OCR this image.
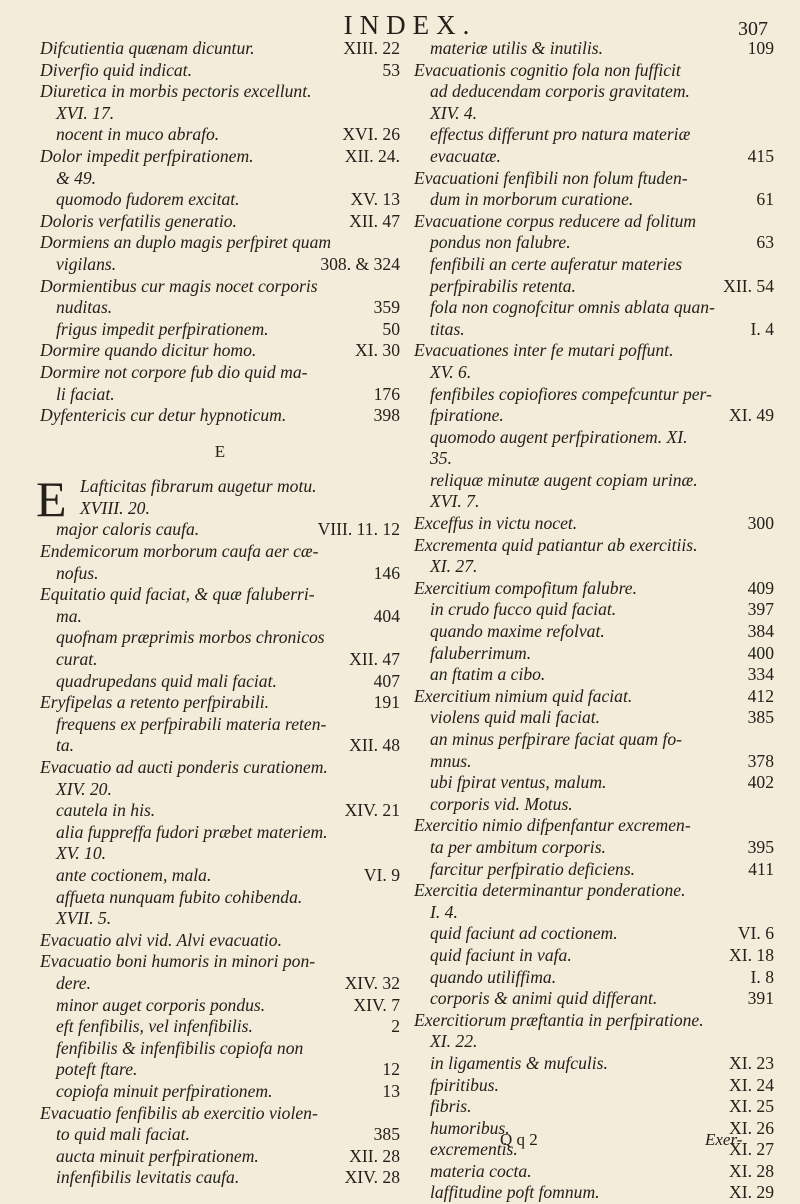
INDEX.	307
Difcutientia quænam dicuntur.	XIII. 22
Diverfio quid indicat.	53
Diuretica in morbis pectoris excellunt.
XVI. 17.
nocent in muco abrafo.	XVI. 26
Dolor impedit perfpirationem.	XII. 24.
& 49.
quomodo fudorem excitat.	XV. 13
Doloris verfatilis generatio.	XII. 47
Dormiens an duplo magis perfpiret quam
vigilans.	308. & 324
Dormientibus cur magis nocet corporis
nuditas.	359
frigus impedit perfpirationem.	50
Dormire quando dicitur homo.	XI. 30
Dormire not corpore fub dio quid ma-
li faciat.	176
Dyfentericis cur detur hypnoticum.	398
E
Lafticitas fibrarum augetur motu.
E XVIII. 20.
major caloris caufa.	VIII. 11. 12
Endemicorum morborum caufa aer cæ-
nofus.	146
Equitatio quid faciat, & quæ faluberri-
ma.	404
quofnam præprimis morbos chronicos
curat.	XII. 47
quadrupedans quid mali faciat.	407
Eryfipelas a retento perfpirabili.	191
frequens ex perfpirabili materia reten-
ta.	XII. 48
Evacuatio ad aucti ponderis curationem.
XIV. 20.
cautela in his.	XIV. 21
alia fuppreffa fudori præbet materiem.
XV. 10.
ante coctionem, mala.	VI. 9
affueta nunquam fubito cohibenda.
XVII. 5.
Evacuatio alvi vid. Alvi evacuatio.
Evacuatio boni humoris in minori pon-
dere.	XIV. 32
minor auget corporis pondus.	XIV. 7
eft fenfibilis, vel infenfibilis.	2
fenfibilis & infenfibilis copiofa non
poteft ftare.	12
copiofa minuit perfpirationem.	13
Evacuatio fenfibilis ab exercitio violen-
to quid mali faciat.	385
aucta minuit perfpirationem.	XII. 28
infenfibilis levitatis caufa.	XIV. 28
materiæ utilis & inutilis.	109
Evacuationis cognitio fola non fufficit
ad deducendam corporis gravitatem.
XIV. 4.
effectus differunt pro natura materiæ
evacuatæ.	415
Evacuationi fenfibili non folum ftuden-
dum in morborum curatione.	61
Evacuatione corpus reducere ad folitum
pondus non falubre.	63
fenfibili an certe auferatur materies
perfpirabilis retenta.	XII. 54
fola non cognofcitur omnis ablata quan-
titas.	I. 4
Evacuationes inter fe mutari poffunt.
XV. 6.
fenfibiles copiofiores compefcuntur per-
fpiratione.	XI. 49
quomodo augent perfpirationem. XI.
35.
reliquæ minutæ augent copiam urinæ.
XVI. 7.
Exceffus in victu nocet.	300
Excrementa quid patiantur ab exercitiis.
XI. 27.
Exercitium compofitum falubre.	409
in crudo fucco quid faciat.	397
quando maxime refolvat.	384
faluberrimum.	400
an ftatim a cibo.	334
Exercitium nimium quid faciat.	412
violens quid mali faciat.	385
an minus perfpirare faciat quam fo-
mnus.	378
ubi fpirat ventus, malum.	402
corporis vid. Motus.
Exercitio nimio difpenfantur excremen-
ta per ambitum corporis.	395
farcitur perfpiratio deficiens.	411
Exercitia determinantur ponderatione.
I. 4.
quid faciunt ad coctionem.	VI. 6
quid faciunt in vafa.	XI. 18
quando utiliffima.	I. 8
corporis & animi quid differant.	391
Exercitiorum præftantia in perfpiratione.
XI. 22.
in ligamentis & mufculis.	XI. 23
fpiritibus.	XI. 24
fibris.	XI. 25
humoribus.	XI. 26
excrementis.	XI. 27
materia cocta.	XI. 28
laffitudine poft fomnum.	XI. 29
Q q 2	Exer-
